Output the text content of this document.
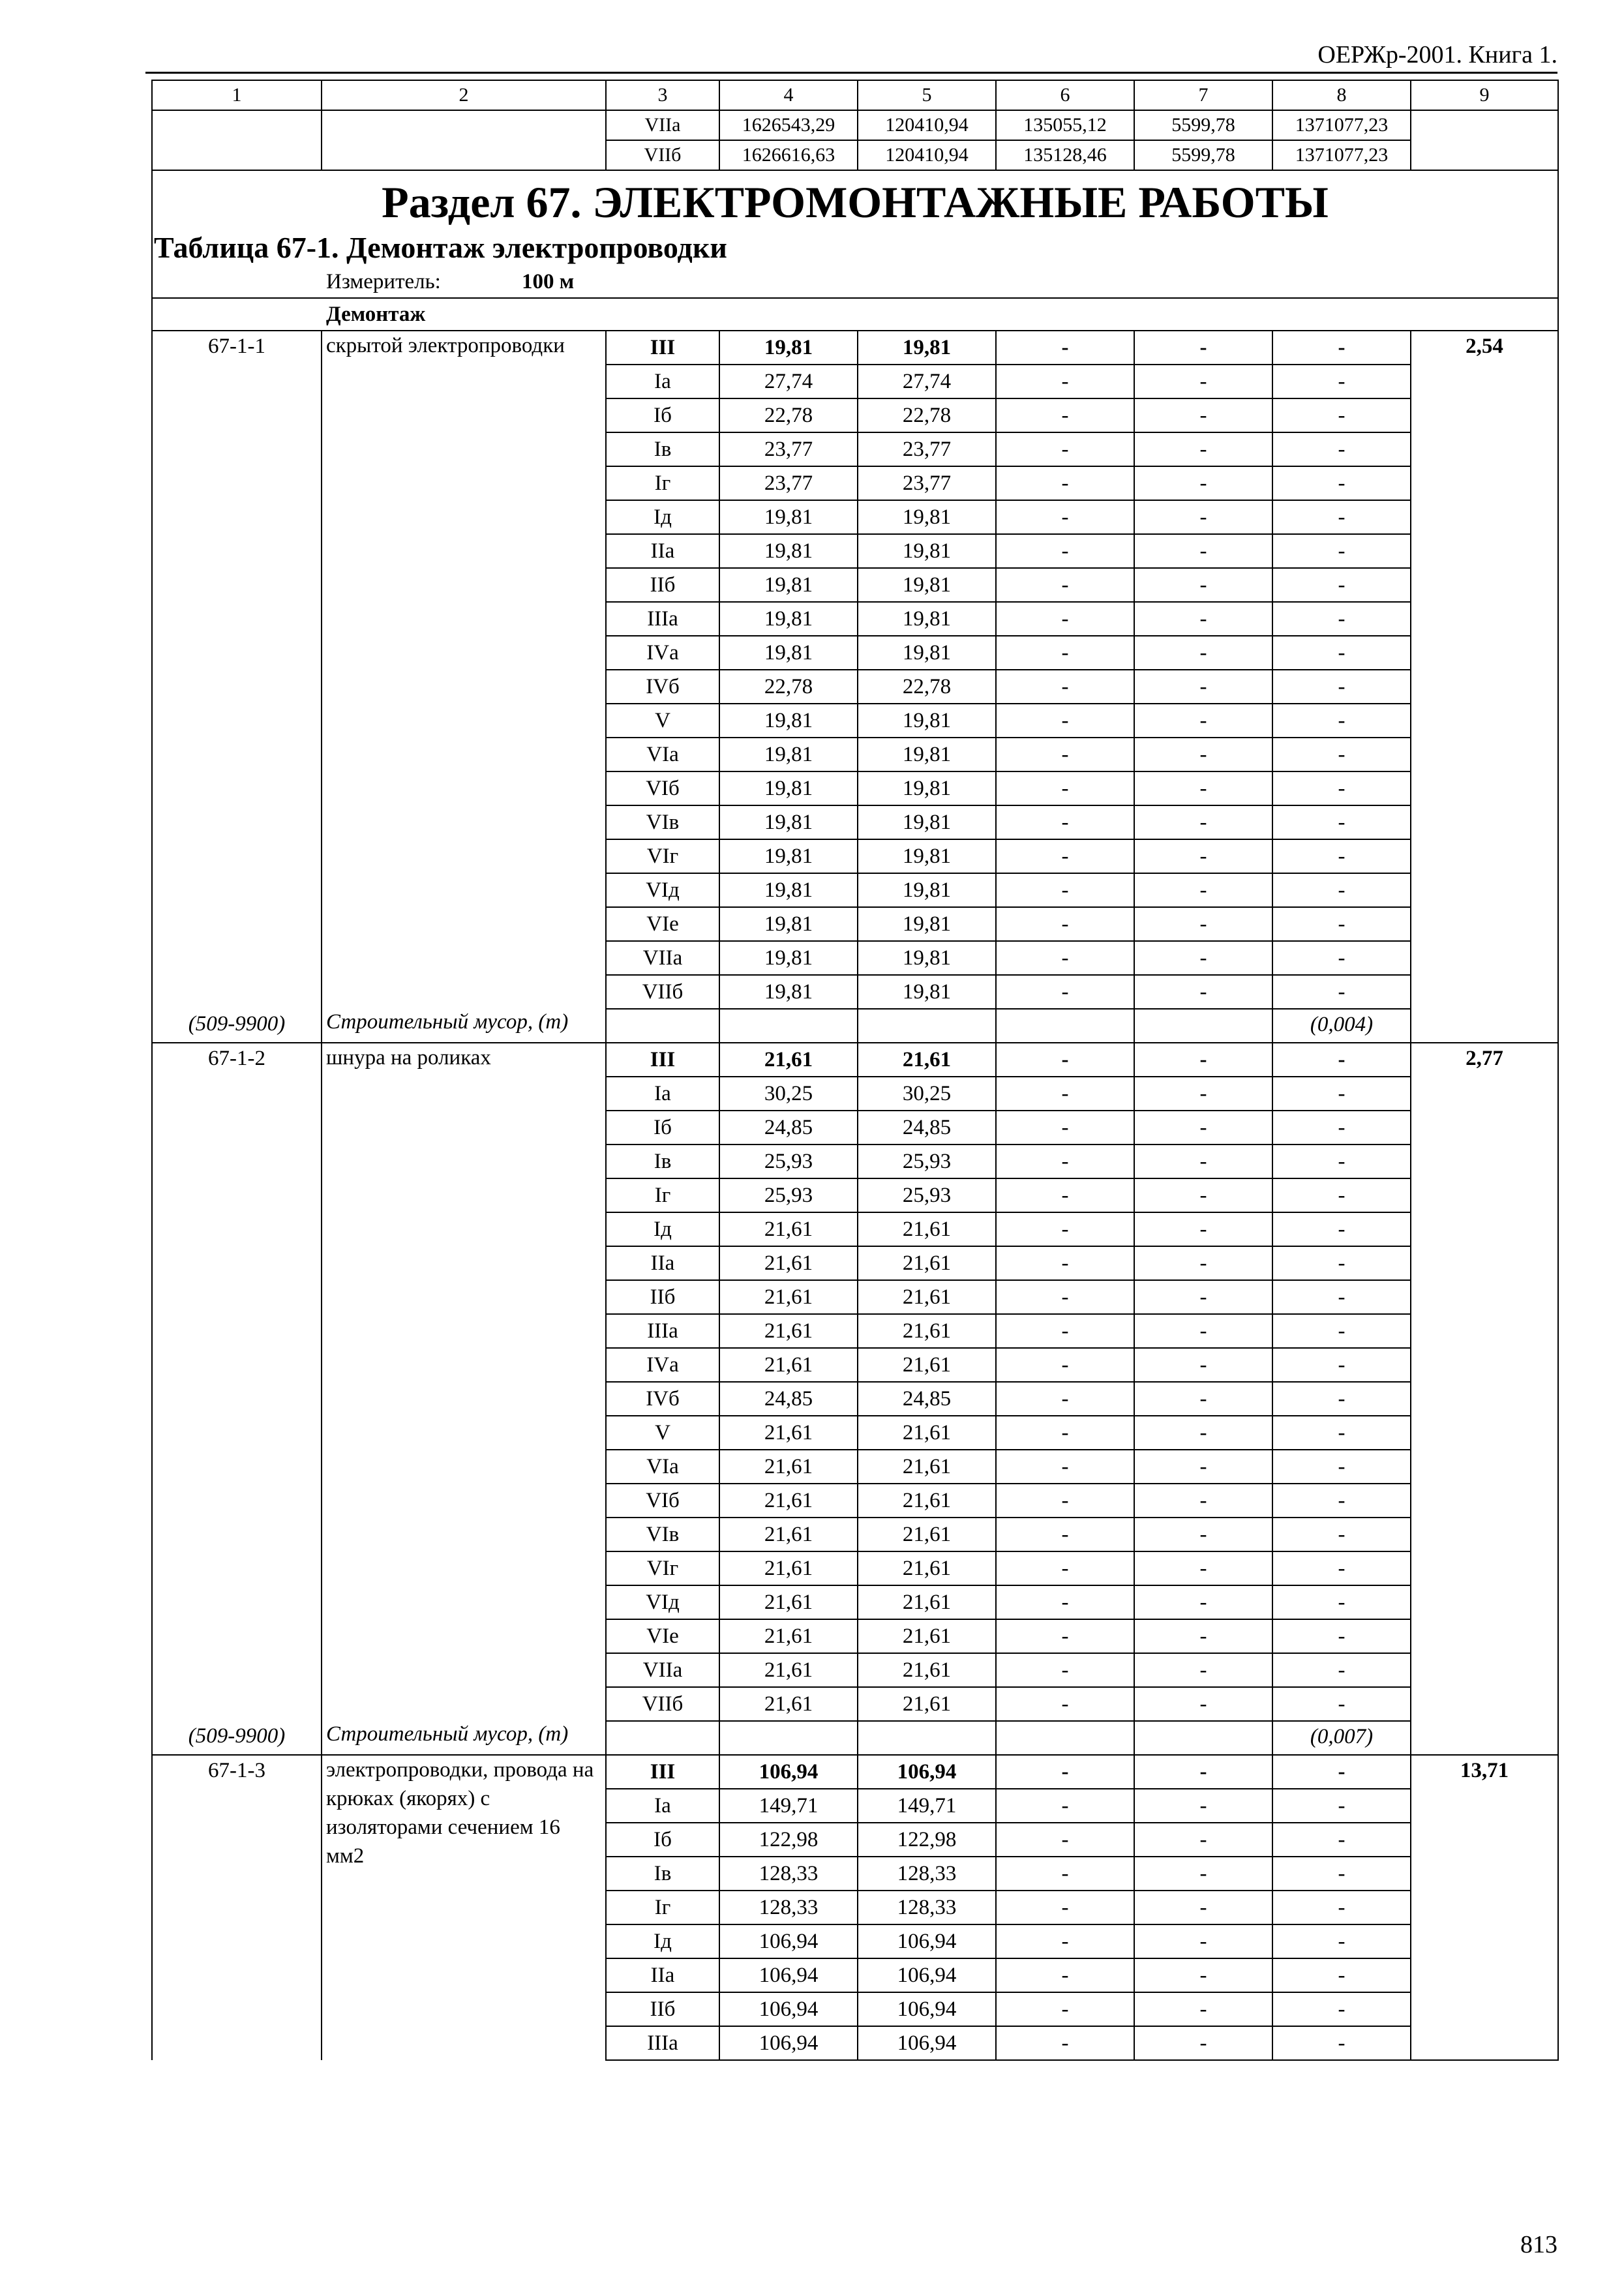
ОЕРЖр-2001. Книга 1.
1	2	3	4	5	6	7	8	9
		VIIа	1626543,29	120410,94	135055,12	5599,78	1371077,23	
		VIIб	1626616,63	120410,94	135128,46	5599,78	1371077,23	
Раздел 67. ЭЛЕКТРОМОНТАЖНЫЕ РАБОТЫ								
Таблица 67-1. Демонтаж электропроводки								
Измеритель: 100 м								
Демонтаж								
67-1-1	скрытой электропроводки	III	19,81	19,81	-	-	-	2,54
		Iа	27,74	27,74	-	-	-	
		Iб	22,78	22,78	-	-	-	
		Iв	23,77	23,77	-	-	-	
		Iг	23,77	23,77	-	-	-	
		Iд	19,81	19,81	-	-	-	
		IIа	19,81	19,81	-	-	-	
		IIб	19,81	19,81	-	-	-	
		IIIа	19,81	19,81	-	-	-	
		IVа	19,81	19,81	-	-	-	
		IVб	22,78	22,78	-	-	-	
		V	19,81	19,81	-	-	-	
		VIа	19,81	19,81	-	-	-	
		VIб	19,81	19,81	-	-	-	
		VIв	19,81	19,81	-	-	-	
		VIг	19,81	19,81	-	-	-	
		VIд	19,81	19,81	-	-	-	
		VIе	19,81	19,81	-	-	-	
		VIIа	19,81	19,81	-	-	-	
		VIIб	19,81	19,81	-	-	-	
(509-9900)	Строительный мусор, (т)						(0,004)	
67-1-2	шнура на роликах	III	21,61	21,61	-	-	-	2,77
		Iа	30,25	30,25	-	-	-	
		Iб	24,85	24,85	-	-	-	
		Iв	25,93	25,93	-	-	-	
		Iг	25,93	25,93	-	-	-	
		Iд	21,61	21,61	-	-	-	
		IIа	21,61	21,61	-	-	-	
		IIб	21,61	21,61	-	-	-	
		IIIа	21,61	21,61	-	-	-	
		IVа	21,61	21,61	-	-	-	
		IVб	24,85	24,85	-	-	-	
		V	21,61	21,61	-	-	-	
		VIа	21,61	21,61	-	-	-	
		VIб	21,61	21,61	-	-	-	
		VIв	21,61	21,61	-	-	-	
		VIг	21,61	21,61	-	-	-	
		VIд	21,61	21,61	-	-	-	
		VIе	21,61	21,61	-	-	-	
		VIIа	21,61	21,61	-	-	-	
		VIIб	21,61	21,61	-	-	-	
(509-9900)	Строительный мусор, (т)						(0,007)	
67-1-3	электропроводки, провода на крюках (якорях) с изоляторами сечением 16 мм2	III	106,94	106,94	-	-	-	13,71
		Iа	149,71	149,71	-	-	-	
		Iб	122,98	122,98	-	-	-	
		Iв	128,33	128,33	-	-	-	
		Iг	128,33	128,33	-	-	-	
		Iд	106,94	106,94	-	-	-	
		IIа	106,94	106,94	-	-	-	
		IIб	106,94	106,94	-	-	-	
		IIIа	106,94	106,94	-	-	-	
813
